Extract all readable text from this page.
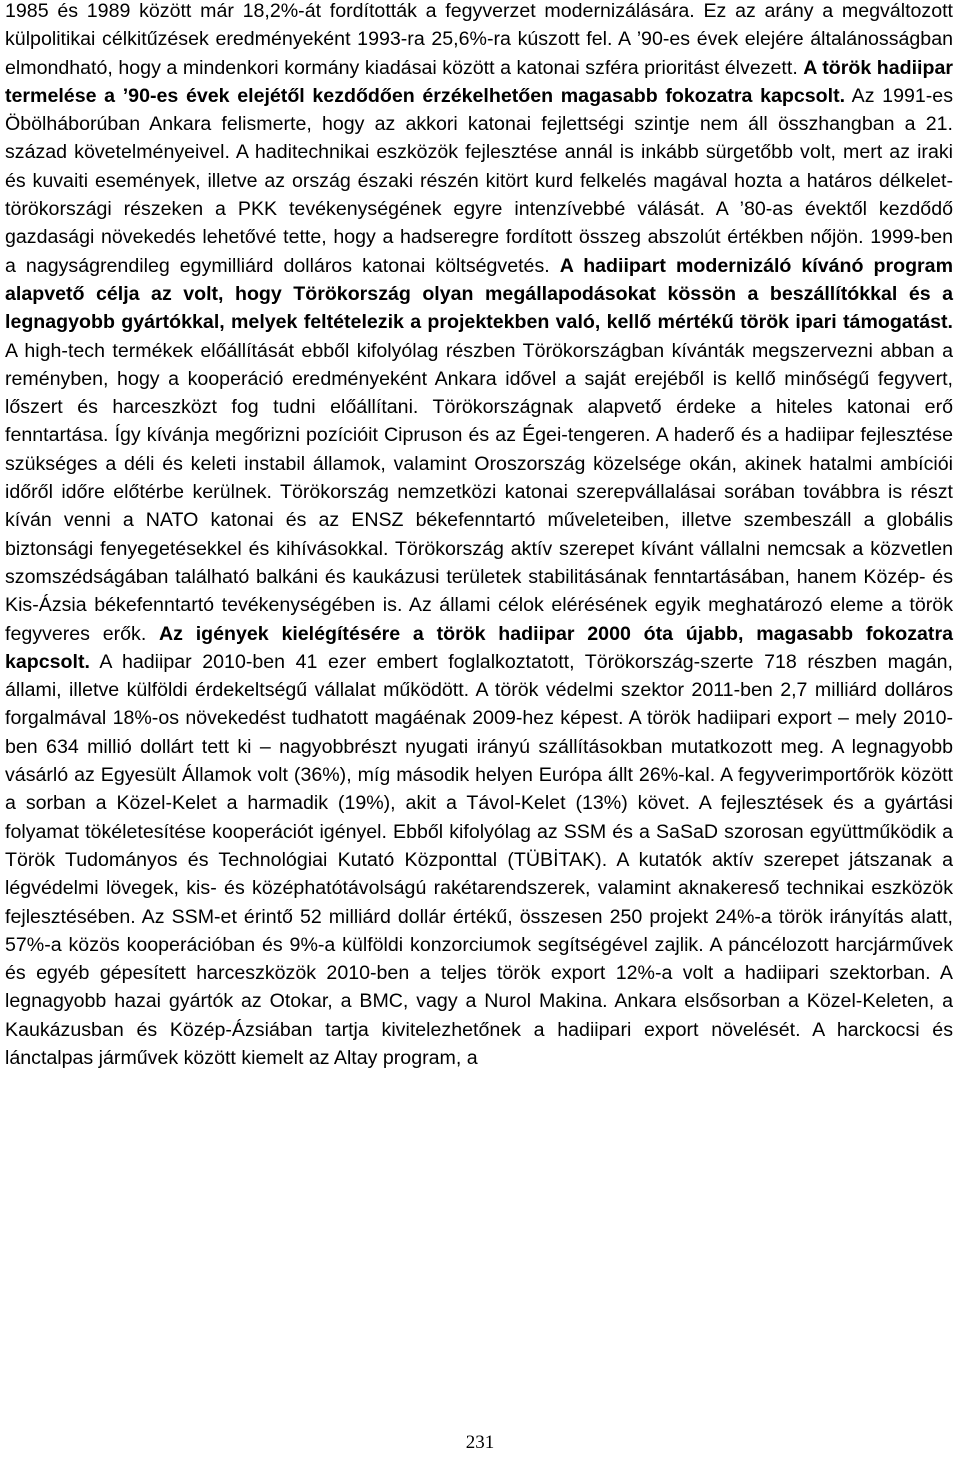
1985 és 1989 között már 18,2%-át fordították a fegyverzet modernizálására. Ez az arány a megváltozott külpolitikai célkitűzések eredményeként 1993-ra 25,6%-ra kúszott fel. A ’90-es évek elejére általánosságban elmondható, hogy a mindenkori kormány kiadásai között a katonai szféra prioritást élvezett. A török hadiipar termelése a ’90-es évek elejétől kezdődően érzékelhetően magasabb fokozatra kapcsolt. Az 1991-es Öbölháborúban Ankara felismerte, hogy az akkori katonai fejlettségi szintje nem áll összhangban a 21. század követelményeivel. A haditechnikai eszközök fejlesztése annál is inkább sürgetőbb volt, mert az iraki és kuvaiti események, illetve az ország északi részén kitört kurd felkelés magával hozta a határos délkelet-törökországi részeken a PKK tevékenységének egyre intenzívebbé válását. A ’80-as évektől kezdődő gazdasági növekedés lehetővé tette, hogy a hadseregre fordított összeg abszolút értékben nőjön. 1999-ben a nagyságrendileg egymilliárd dolláros katonai költségvetés. A hadiipart modernizáló kívánó program alapvető célja az volt, hogy Törökország olyan megállapodásokat kössön a beszállítókkal és a legnagyobb gyártókkal, melyek feltételezik a projektekben való, kellő mértékű török ipari támogatást. A high-tech termékek előállítását ebből kifolyólag részben Törökországban kívánták megszervezni abban a reményben, hogy a kooperáció eredményeként Ankara idővel a saját erejéből is kellő minőségű fegyvert, lőszert és harceszközt fog tudni előállítani. Törökországnak alapvető érdeke a hiteles katonai erő fenntartása. Így kívánja megőrizni pozícióit Cipruson és az Égei-tengeren. A haderő és a hadiipar fejlesztése szükséges a déli és keleti instabil államok, valamint Oroszország közelsége okán, akinek hatalmi ambíciói időről időre előtérbe kerülnek. Törökország nemzetközi katonai szerepvállalásai sorában továbbra is részt kíván venni a NATO katonai és az ENSZ békefenntartó műveleteiben, illetve szembeszáll a globális biztonsági fenyegetésekkel és kihívásokkal. Törökország aktív szerepet kívánt vállalni nemcsak a közvetlen szomszédságában található balkáni és kaukázusi területek stabilitásának fenntartásában, hanem Közép- és Kis-Ázsia békefenntartó tevékenységében is. Az állami célok elérésének egyik meghatározó eleme a török fegyveres erők. Az igények kielégítésére a török hadiipar 2000 óta újabb, magasabb fokozatra kapcsolt. A hadiipar 2010-ben 41 ezer embert foglalkoztatott, Törökország-szerte 718 részben magán, állami, illetve külföldi érdekeltségű vállalat működött. A török védelmi szektor 2011-ben 2,7 milliárd dolláros forgalmával 18%-os növekedést tudhatott magáénak 2009-hez képest. A török hadiipari export – mely 2010-ben 634 millió dollárt tett ki – nagyobbrészt nyugati irányú szállításokban mutatkozott meg. A legnagyobb vásárló az Egyesült Államok volt (36%), míg második helyen Európa állt 26%-kal. A fegyverimportőrök között a sorban a Közel-Kelet a harmadik (19%), akit a Távol-Kelet (13%) követ. A fejlesztések és a gyártási folyamat tökéletesítése kooperációt igényel. Ebből kifolyólag az SSM és a SaSaD szorosan együttműködik a Török Tudományos és Technológiai Kutató Központtal (TÜBİTAK). A kutatók aktív szerepet játszanak a légvédelmi lövegek, kis- és középhatótávolságú rakétarendszerek, valamint aknakereső technikai eszközök fejlesztésében. Az SSM-et érintő 52 milliárd dollár értékű, összesen 250 projekt 24%-a török irányítás alatt, 57%-a közös kooperációban és 9%-a külföldi konzorciumok segítségével zajlik. A páncélozott harcjárművek és egyéb gépesített harceszközök 2010-ben a teljes török export 12%-a volt a hadiipari szektorban. A legnagyobb hazai gyártók az Otokar, a BMC, vagy a Nurol Makina. Ankara elsősorban a Közel-Keleten, a Kaukázusban és Közép-Ázsiában tartja kivitelezhetőnek a hadiipari export növelését. A harckocsi és lánctalpas járművek között kiemelt az Altay program, a

231
